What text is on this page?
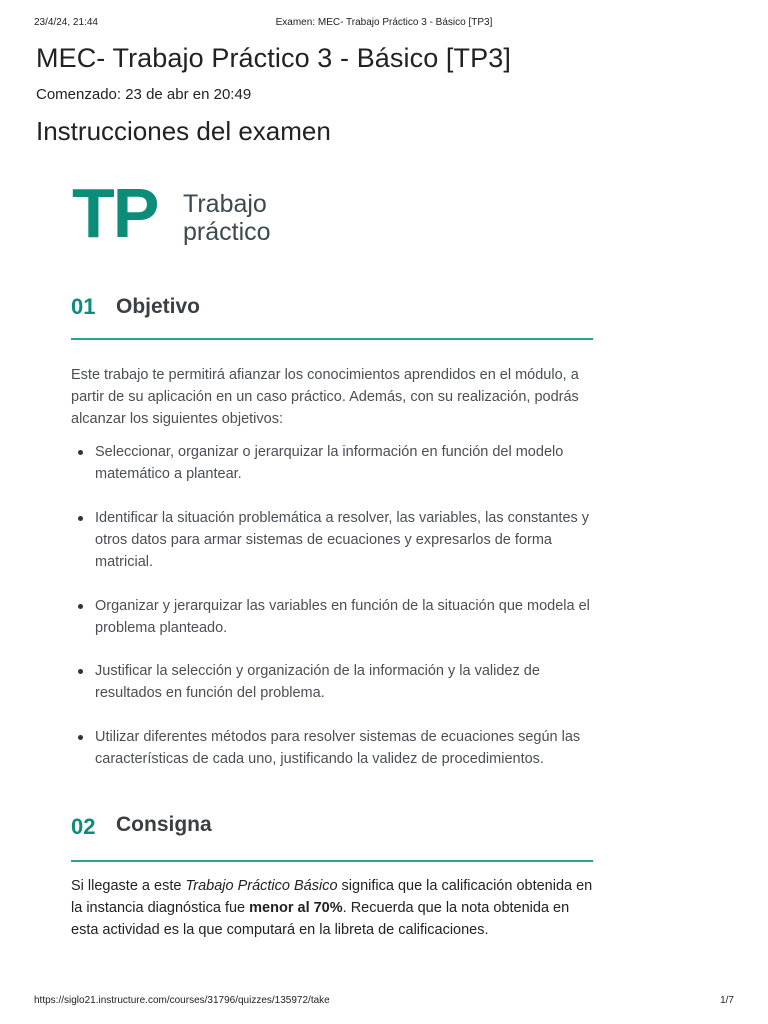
23/4/24, 21:44	Examen: MEC- Trabajo Práctico 3 - Básico [TP3]
MEC- Trabajo Práctico 3 - Básico [TP3]
Comenzado: 23 de abr en 20:49
Instrucciones del examen
TP Trabajo
práctico
01 Objetivo

Este trabajo te permitirá afianzar los conocimientos aprendidos en el módulo, a partir de su aplicación en un caso práctico. Además, con su realización, podrás alcanzar los siguientes objetivos:

Seleccionar, organizar o jerarquizar la información en función del modelo matemático a plantear.
Identificar la situación problemática a resolver, las variables, las constantes y otros datos para armar sistemas de ecuaciones y expresarlos de forma matricial.
Organizar y jerarquizar las variables en función de la situación que modela el problema planteado.
Justificar la selección y organización de la información y la validez de resultados en función del problema.
Utilizar diferentes métodos para resolver sistemas de ecuaciones según las características de cada uno, justificando la validez de procedimientos.
02 Consigna

Si llegaste a este Trabajo Práctico Básico significa que la calificación obtenida en la instancia diagnóstica fue menor al 70%. Recuerda que la nota obtenida en esta actividad es la que computará en la libreta de calificaciones.

https://siglo21.instructure.com/courses/31796/quizzes/135972/take	1/7
